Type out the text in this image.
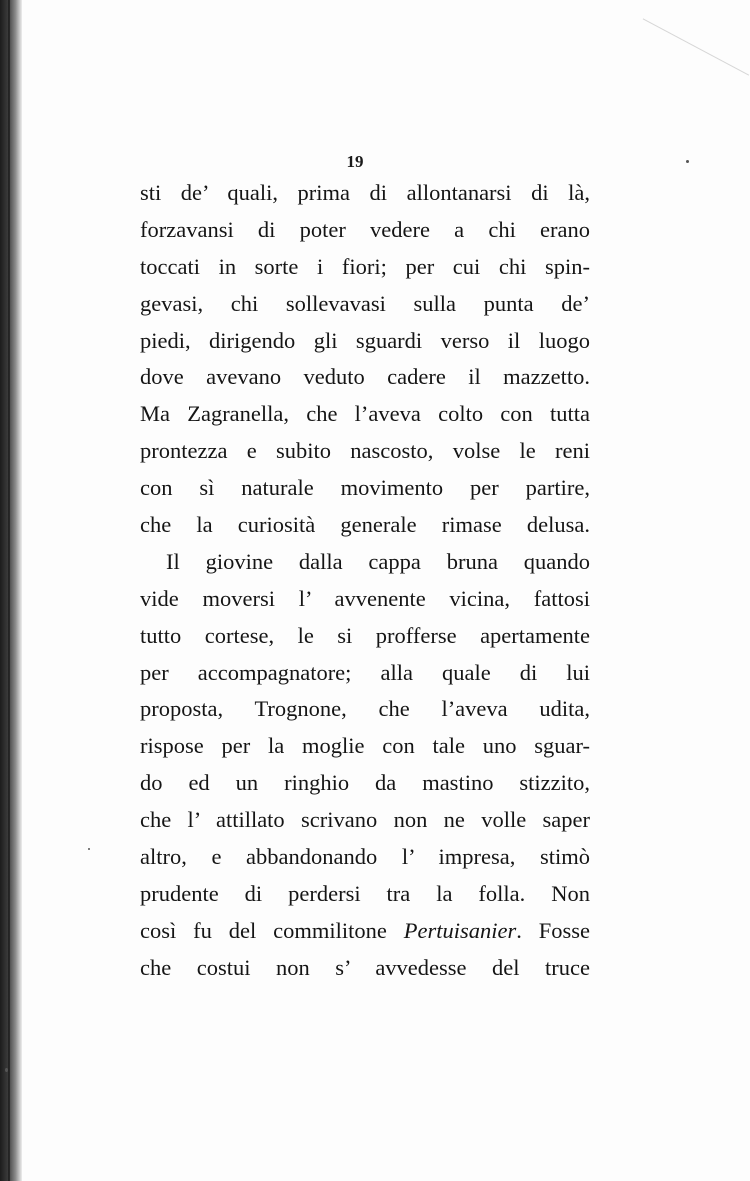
19
sti de’ quali, prima di allontanarsi di là,
forzavansi di poter vedere a chi erano
toccati in sorte i fiori; per cui chi spin-
gevasi, chi sollevavasi sulla punta de’
piedi, dirigendo gli sguardi verso il luogo
dove avevano veduto cadere il mazzetto.
Ma Zagranella, che l’aveva colto con tutta
prontezza e subito nascosto, volse le reni
con sì naturale movimento per partire,
che la curiosità generale rimase delusa.
Il giovine dalla cappa bruna quando
vide moversi l’ avvenente vicina, fattosi
tutto cortese, le si profferse apertamente
per accompagnatore; alla quale di lui
proposta, Trognone, che l’aveva udita,
rispose per la moglie con tale uno sguar-
do ed un ringhio da mastino stizzito,
che l’ attillato scrivano non ne volle saper
altro, e abbandonando l’ impresa, stimò
prudente di perdersi tra la folla. Non
così fu del commilitone Pertuisanier. Fosse
che costui non s’ avvedesse del truce
